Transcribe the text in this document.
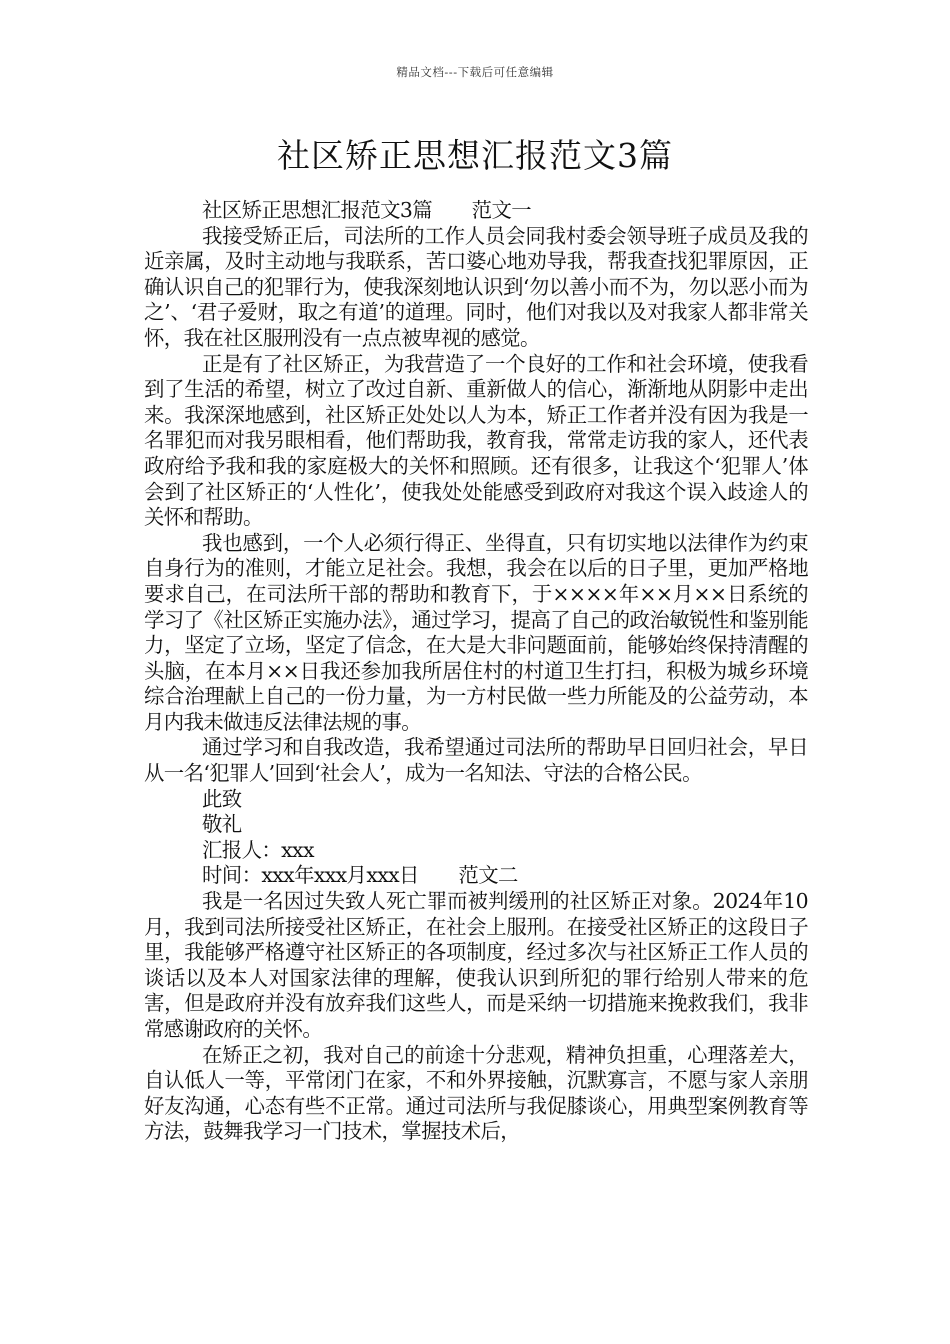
精品文档---下载后可任意编辑
社区矫正思想汇报范文3篇

社区矫正思想汇报范文3篇　　范文一

我接受矫正后，司法所的工作人员会同我村委会领导班子成员及我的近亲属，及时主动地与我联系，苦口婆心地劝导我，帮我查找犯罪原因，正确认识自己的犯罪行为，使我深刻地认识到‘勿以善小而不为，勿以恶小而为之’、‘君子爱财，取之有道’的道理。同时，他们对我以及对我家人都非常关怀，我在社区服刑没有一点点被卑视的感觉。

正是有了社区矫正，为我营造了一个良好的工作和社会环境，使我看到了生活的希望，树立了改过自新、重新做人的信心，渐渐地从阴影中走出来。我深深地感到，社区矫正处处以人为本，矫正工作者并没有因为我是一名罪犯而对我另眼相看，他们帮助我，教育我，常常走访我的家人，还代表政府给予我和我的家庭极大的关怀和照顾。还有很多，让我这个‘犯罪人’体会到了社区矫正的‘人性化’，使我处处能感受到政府对我这个误入歧途人的关怀和帮助。

我也感到，一个人必须行得正、坐得直，只有切实地以法律作为约束自身行为的准则，才能立足社会。我想，我会在以后的日子里，更加严格地要求自己，在司法所干部的帮助和教育下，于××××年××月××日系统的学习了《社区矫正实施办法》，通过学习，提高了自己的政治敏锐性和鉴别能力，坚定了立场，坚定了信念，在大是大非问题面前，能够始终保持清醒的头脑，在本月××日我还参加我所居住村的村道卫生打扫，积极为城乡环境综合治理献上自己的一份力量，为一方村民做一些力所能及的公益劳动，本月内我未做违反法律法规的事。

通过学习和自我改造，我希望通过司法所的帮助早日回归社会，早日从一名‘犯罪人’回到‘社会人’，成为一名知法、守法的合格公民。

此致

敬礼

汇报人：xxx

时间：xxx年xxx月xxx日　　范文二

我是一名因过失致人死亡罪而被判缓刑的社区矫正对象。2024年10月，我到司法所接受社区矫正，在社会上服刑。在接受社区矫正的这段日子里，我能够严格遵守社区矫正的各项制度，经过多次与社区矫正工作人员的谈话以及本人对国家法律的理解，使我认识到所犯的罪行给别人带来的危害，但是政府并没有放弃我们这些人，而是采纳一切措施来挽救我们，我非常感谢政府的关怀。

在矫正之初，我对自己的前途十分悲观，精神负担重，心理落差大，自认低人一等，平常闭门在家，不和外界接触，沉默寡言，不愿与家人亲朋好友沟通，心态有些不正常。通过司法所与我促膝谈心，用典型案例教育等方法，鼓舞我学习一门技术，掌握技术后，
